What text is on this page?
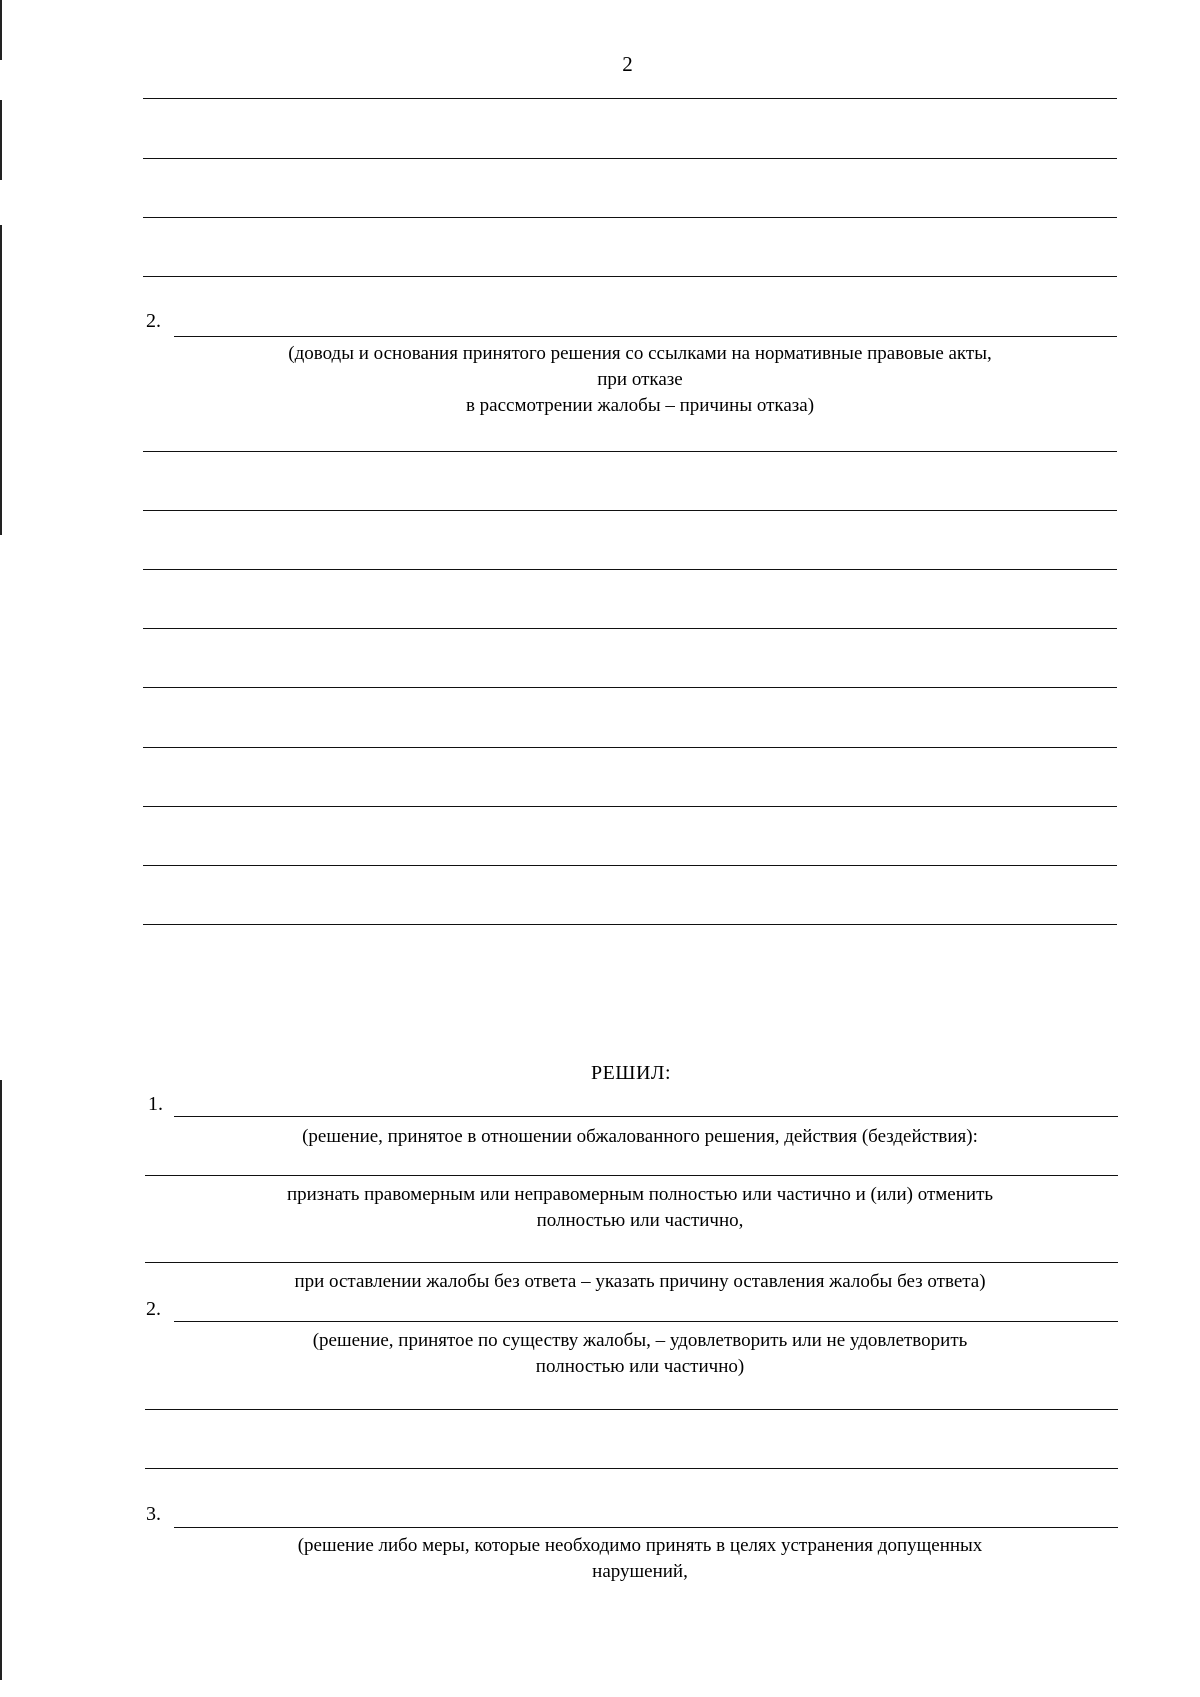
2
2.
(доводы и основания принятого решения со ссылками на нормативные правовые акты,
при отказе
в рассмотрении жалобы – причины отказа)
РЕШИЛ:
1.
(решение, принятое в отношении обжалованного решения, действия (бездействия):
признать правомерным или неправомерным полностью или частично и (или) отменить
полностью или частично,
при оставлении жалобы без ответа – указать причину оставления жалобы без ответа)
2.
(решение, принятое по существу жалобы, – удовлетворить или не удовлетворить
полностью или частично)
3.
(решение либо меры, которые необходимо принять в целях устранения допущенных
нарушений,
